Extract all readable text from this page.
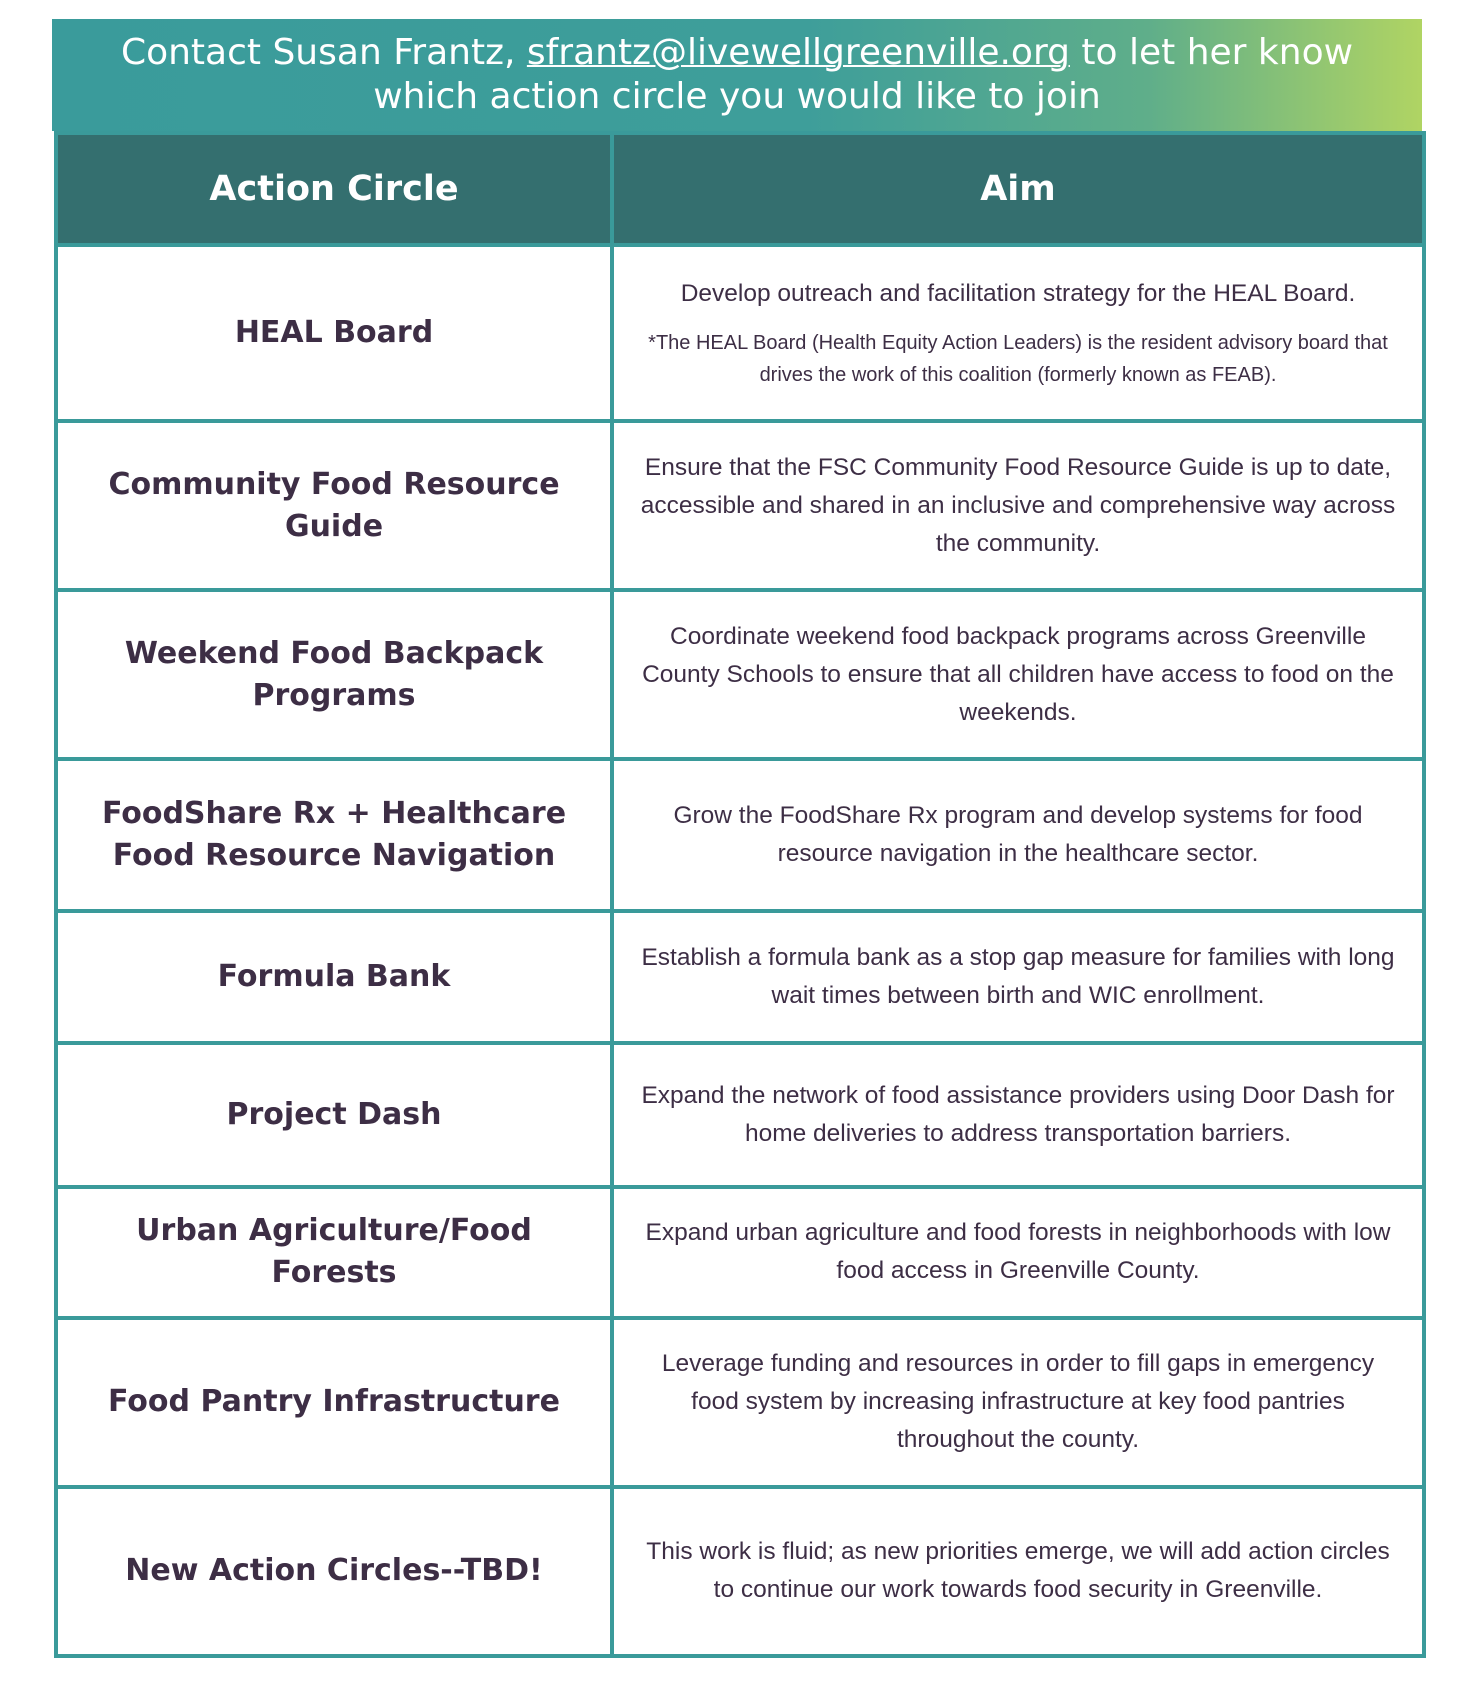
Contact Susan Frantz, sfrantz@livewellgreenville.org to let her know
which action circle you would like to join
Action Circle	Aim
HEAL Board	Develop outreach and facilitation strategy for the HEAL Board.
*The HEAL Board (Health Equity Action Leaders) is the resident advisory board that drives the work of this coalition (formerly known as FEAB).

Community Food Resource Guide	Ensure that the FSC Community Food Resource Guide is up to date, accessible and shared in an inclusive and comprehensive way across the community.
Weekend Food Backpack Programs	Coordinate weekend food backpack programs across Greenville County Schools to ensure that all children have access to food on the weekends.
FoodShare Rx + Healthcare Food Resource Navigation	Grow the FoodShare Rx program and develop systems for food resource navigation in the healthcare sector.
Formula Bank	Establish a formula bank as a stop gap measure for families with long wait times between birth and WIC enrollment.
Project Dash	Expand the network of food assistance providers using Door Dash for home deliveries to address transportation barriers.
Urban Agriculture/Food Forests	Expand urban agriculture and food forests in neighborhoods with low food access in Greenville County.
Food Pantry Infrastructure	Leverage funding and resources in order to fill gaps in emergency food system by increasing infrastructure at key food pantries throughout the county.
New Action Circles--TBD!	This work is fluid; as new priorities emerge, we will add action circles to continue our work towards food security in Greenville.
